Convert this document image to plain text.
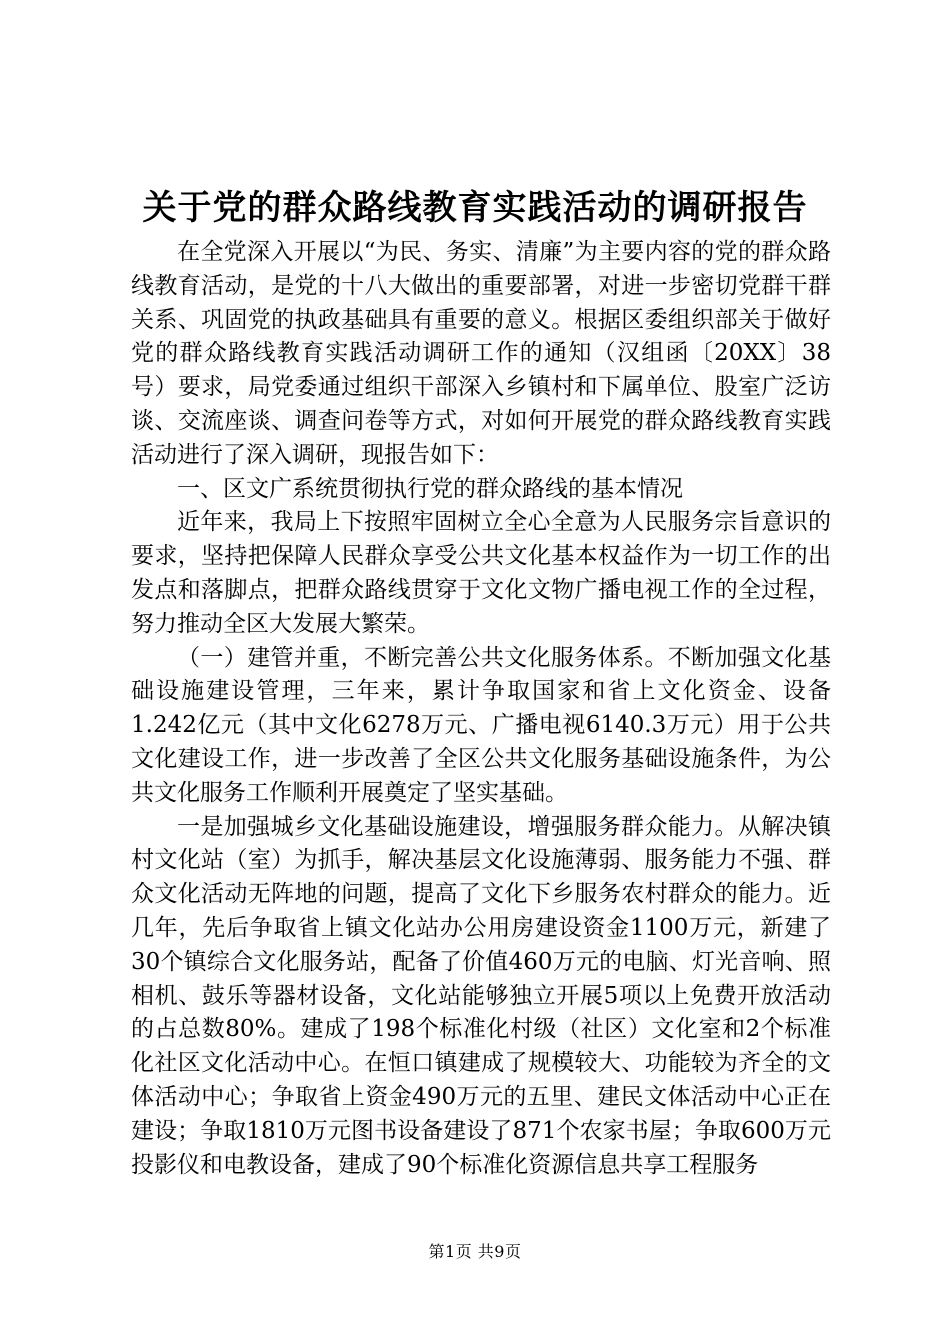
关于党的群众路线教育实践活动的调研报告

在全党深入开展以“为民、务实、清廉”为主要内容的党的群众路线教育活动，是党的十八大做出的重要部署，对进一步密切党群干群关系、巩固党的执政基础具有重要的意义。根据区委组织部关于做好党的群众路线教育实践活动调研工作的通知（汉组函〔20XX〕38号）要求，局党委通过组织干部深入乡镇村和下属单位、股室广泛访谈、交流座谈、调查问卷等方式，对如何开展党的群众路线教育实践活动进行了深入调研，现报告如下：

一、区文广系统贯彻执行党的群众路线的基本情况

近年来，我局上下按照牢固树立全心全意为人民服务宗旨意识的要求，坚持把保障人民群众享受公共文化基本权益作为一切工作的出发点和落脚点，把群众路线贯穿于文化文物广播电视工作的全过程，努力推动全区大发展大繁荣。

（一）建管并重，不断完善公共文化服务体系。不断加强文化基础设施建设管理，三年来，累计争取国家和省上文化资金、设备1.242亿元（其中文化6278万元、广播电视6140.3万元）用于公共文化建设工作，进一步改善了全区公共文化服务基础设施条件，为公共文化服务工作顺利开展奠定了坚实基础。

一是加强城乡文化基础设施建设，增强服务群众能力。从解决镇村文化站（室）为抓手，解决基层文化设施薄弱、服务能力不强、群众文化活动无阵地的问题，提高了文化下乡服务农村群众的能力。近几年，先后争取省上镇文化站办公用房建设资金1100万元，新建了30个镇综合文化服务站，配备了价值460万元的电脑、灯光音响、照相机、鼓乐等器材设备，文化站能够独立开展5项以上免费开放活动的占总数80%。建成了198个标准化村级（社区）文化室和2个标准化社区文化活动中心。在恒口镇建成了规模较大、功能较为齐全的文体活动中心；争取省上资金490万元的五里、建民文体活动中心正在建设；争取1810万元图书设备建设了871个农家书屋；争取600万元投影仪和电教设备，建成了90个标准化资源信息共享工程服务

第1页 共9页
